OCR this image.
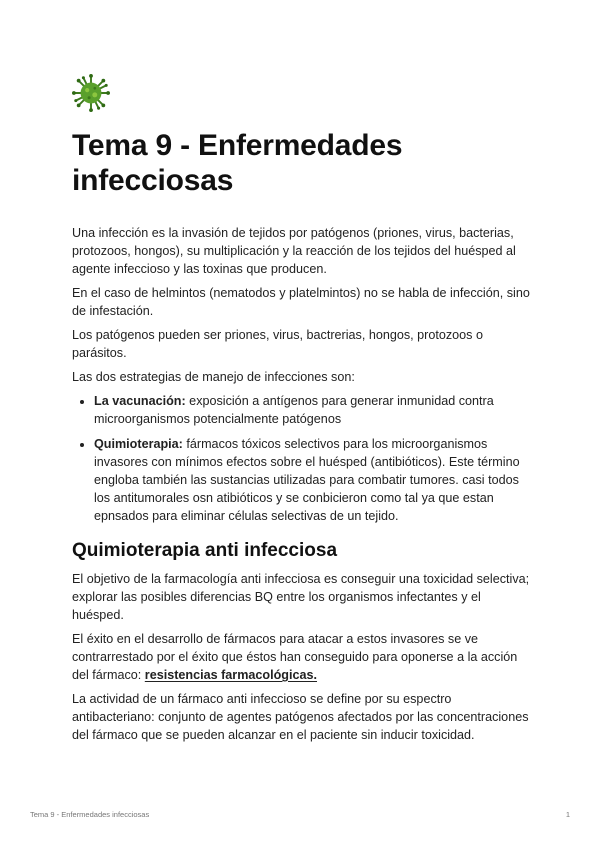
Tema 9 - Enfermedades infecciosas

Una infección es la invasión de tejidos por patógenos (priones, virus, bacterias, protozoos, hongos), su multiplicación y la reacción de los tejidos del huésped al agente infeccioso y las toxinas que producen.

En el caso de helmintos (nematodos y platelmintos) no se habla de infección, sino de infestación.

Los patógenos pueden ser priones, virus, bactrerias, hongos, protozoos o parásitos.

Las dos estrategias de manejo de infecciones son:

• La vacunación: exposición a antígenos para generar inmunidad contra microorganismos potencialmente patógenos
• Quimioterapia: fármacos tóxicos selectivos para los microorganismos invasores con mínimos efectos sobre el huésped (antibióticos). Este término engloba también las sustancias utilizadas para combatir tumores. casi todos los antitumorales osn atibióticos y se conbicieron como tal ya que estan epnsados para eliminar células selectivas de un tejido.
Quimioterapia anti infecciosa

El objetivo de la farmacología anti infecciosa es conseguir una toxicidad selectiva; explorar las posibles diferencias BQ entre los organismos infectantes y el huésped.

El éxito en el desarrollo de fármacos para atacar a estos invasores se ve contrarrestado por el éxito que éstos han conseguido para oponerse a la acción del fármaco: resistencias farmacológicas.

La actividad de un fármaco anti infeccioso se define por su espectro antibacteriano: conjunto de agentes patógenos afectados por las concentraciones del fármaco que se pueden alcanzar en el paciente sin inducir toxicidad.

Tema 9 - Enfermedades infecciosas	1
